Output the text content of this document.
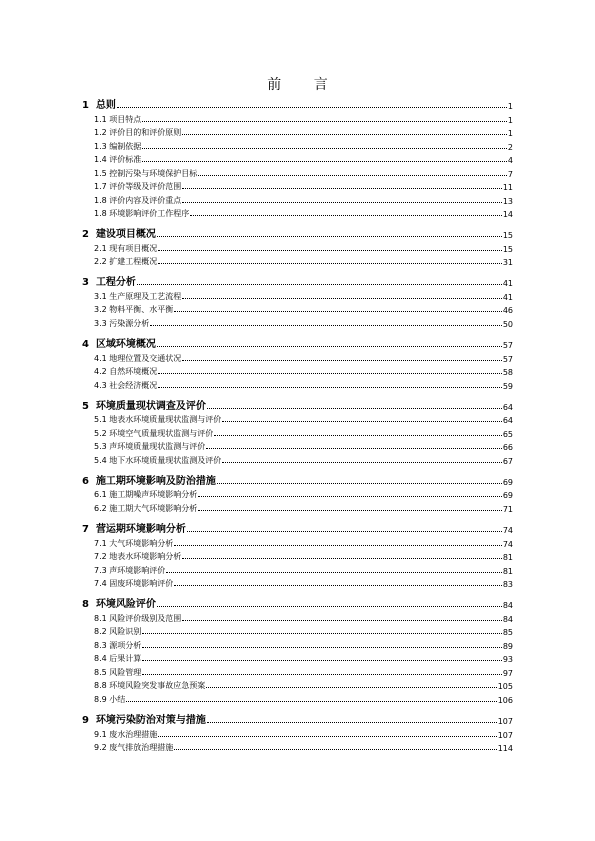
前 言
1 总则	1
1.1 项目特点	1
1.2 评价目的和评价原则	1
1.3 编制依据	2
1.4 评价标准	4
1.5 控制污染与环境保护目标	7
1.7 评价等级及评价范围	11
1.8 评价内容及评价重点	13
1.8 环境影响评价工作程序	14
2 建设项目概况	15
2.1 现有项目概况	15
2.2 扩建工程概况	31
3 工程分析	41
3.1 生产原理及工艺流程	41
3.2 物料平衡、水平衡	46
3.3 污染源分析	50
4 区域环境概况	57
4.1 地理位置及交通状况	57
4.2 自然环境概况	58
4.3 社会经济概况	59
5 环境质量现状调查及评价	64
5.1 地表水环境质量现状监测与评价	64
5.2 环境空气质量现状监测与评价	65
5.3 声环境质量现状监测与评价	66
5.4 地下水环境质量现状监测及评价	67
6 施工期环境影响及防治措施	69
6.1 施工期噪声环境影响分析	69
6.2 施工期大气环境影响分析	71
7 营运期环境影响分析	74
7.1 大气环境影响分析	74
7.2 地表水环境影响分析	81
7.3 声环境影响评价	81
7.4 固废环境影响评价	83
8 环境风险评价	84
8.1 风险评价级别及范围	84
8.2 风险识别	85
8.3 源项分析	89
8.4 后果计算	93
8.5 风险管理	97
8.8 环境风险突发事故应急预案	105
8.9 小结	106
9 环境污染防治对策与措施	107
9.1 废水治理措施	107
9.2 废气排放治理措施	114
